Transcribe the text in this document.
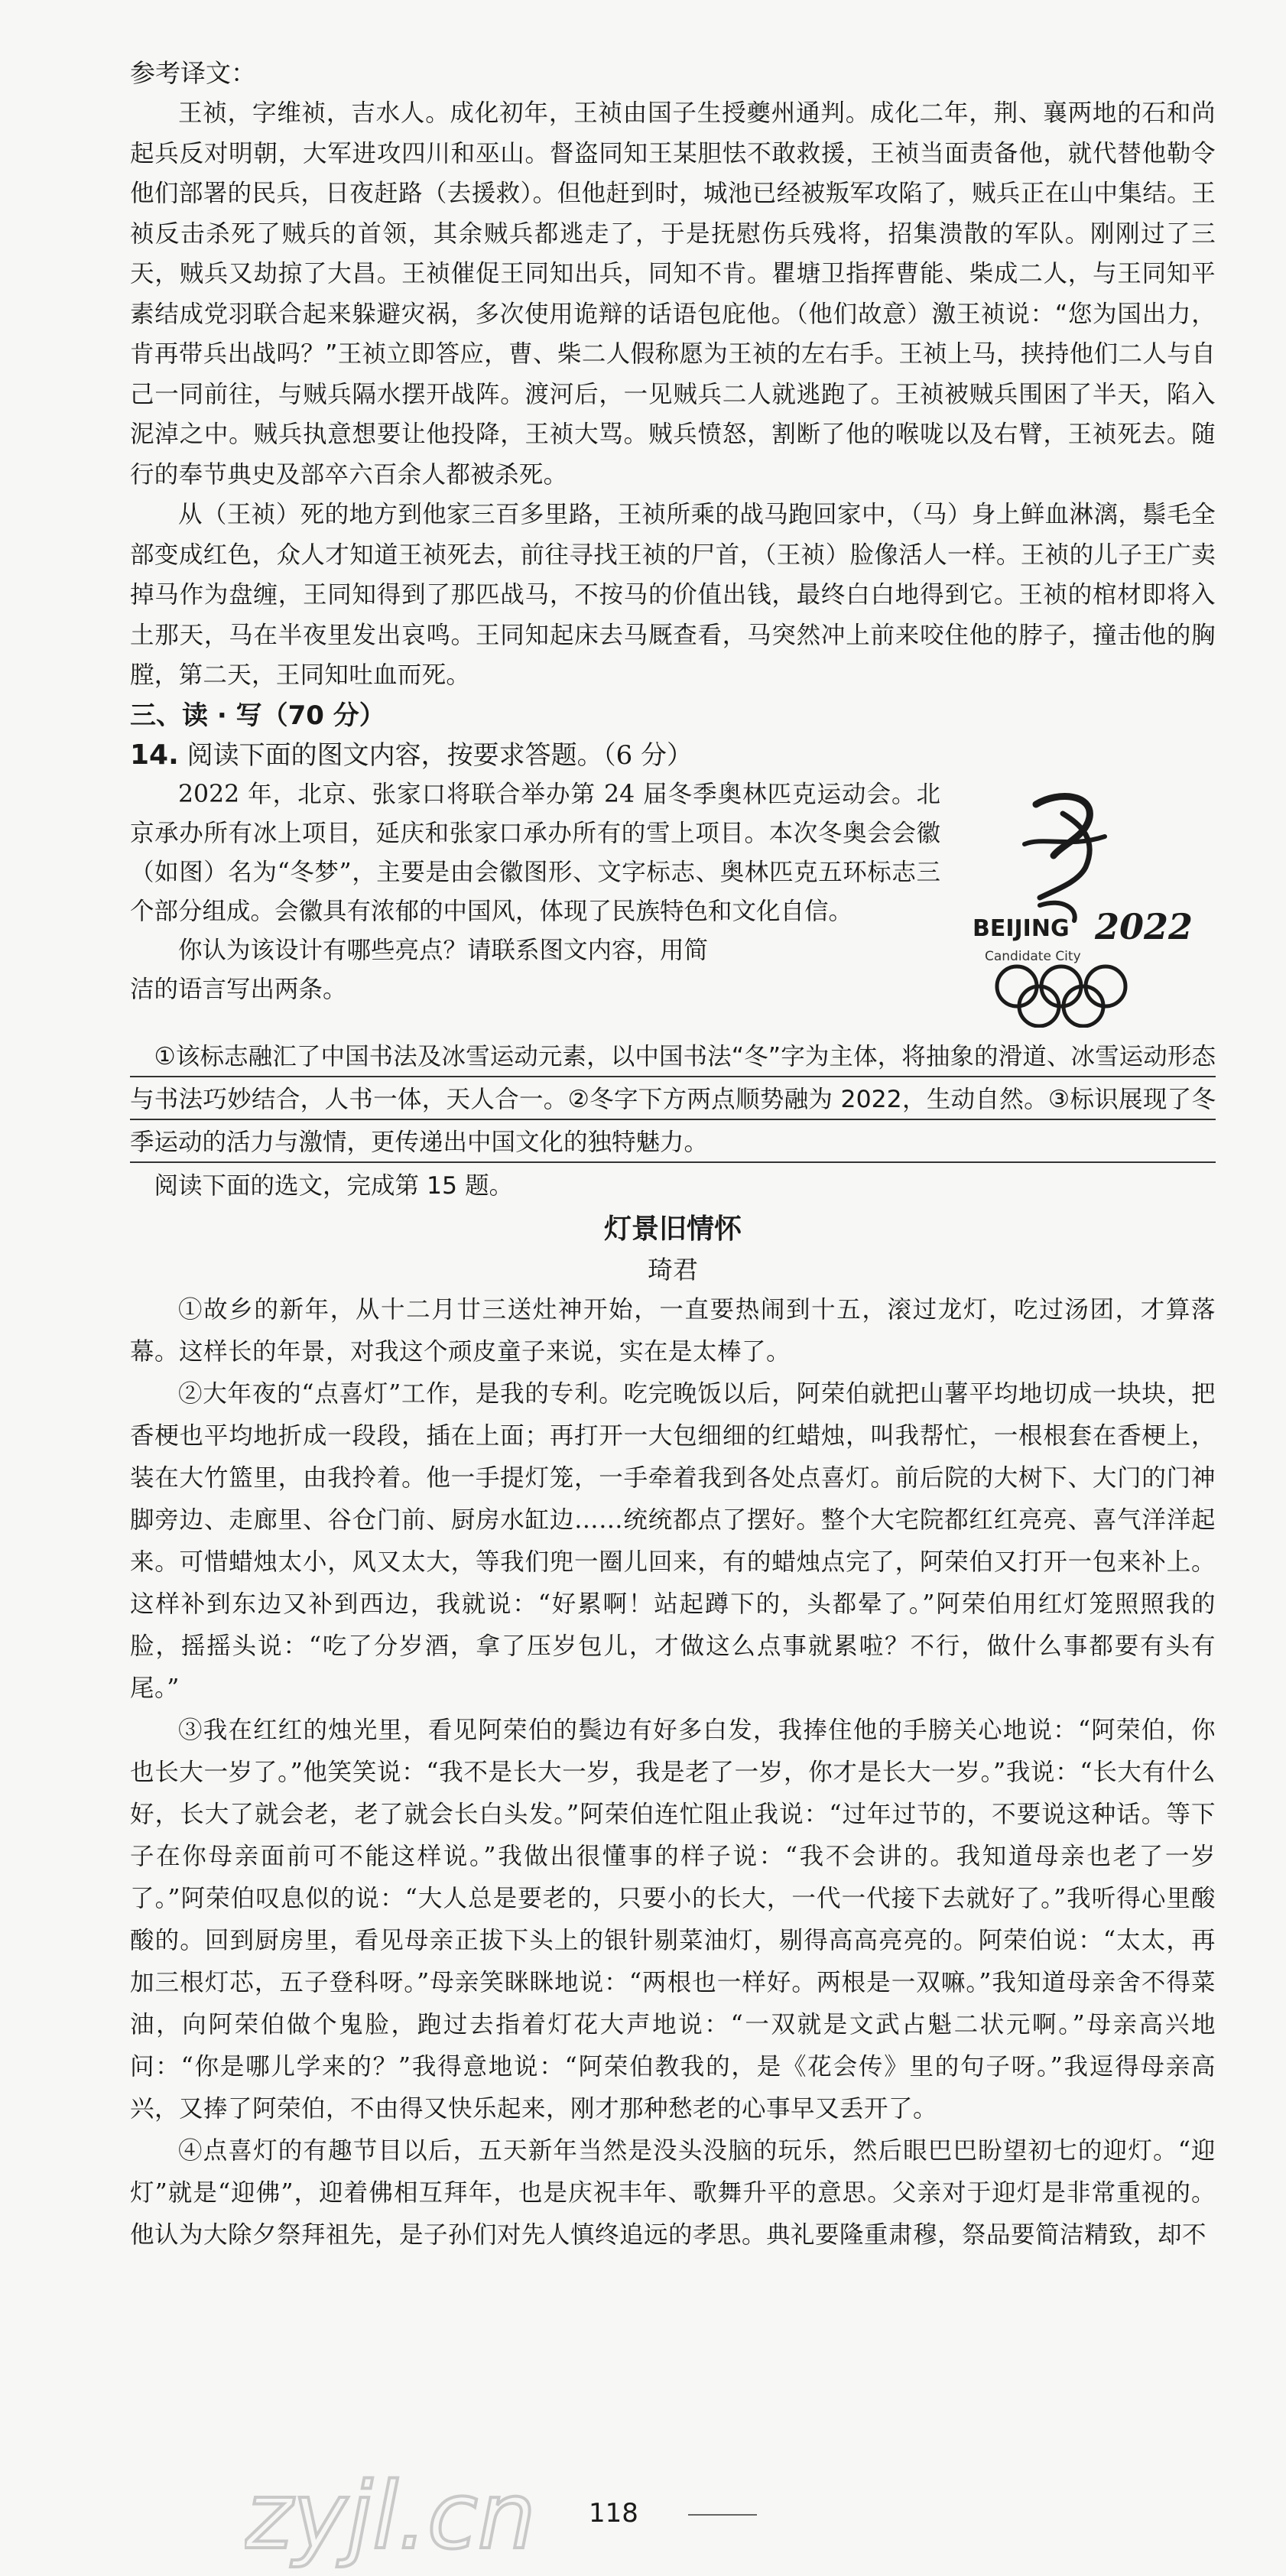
参考译文：

王祯，字维祯，吉水人。成化初年，王祯由国子生授夔州通判。成化二年，荆、襄两地的石和尚起兵反对明朝，大军进攻四川和巫山。督盗同知王某胆怯不敢救援，王祯当面责备他，就代替他勒令他们部署的民兵，日夜赶路（去援救）。但他赶到时，城池已经被叛军攻陷了，贼兵正在山中集结。王祯反击杀死了贼兵的首领，其余贼兵都逃走了，于是抚慰伤兵残将，招集溃散的军队。刚刚过了三天，贼兵又劫掠了大昌。王祯催促王同知出兵，同知不肯。瞿塘卫指挥曹能、柴成二人，与王同知平素结成党羽联合起来躲避灾祸，多次使用诡辩的话语包庇他。（他们故意）激王祯说：“您为国出力，肯再带兵出战吗？”王祯立即答应，曹、柴二人假称愿为王祯的左右手。王祯上马，挟持他们二人与自己一同前往，与贼兵隔水摆开战阵。渡河后，一见贼兵二人就逃跑了。王祯被贼兵围困了半天，陷入泥淖之中。贼兵执意想要让他投降，王祯大骂。贼兵愤怒，割断了他的喉咙以及右臂，王祯死去。随行的奉节典史及部卒六百余人都被杀死。

从（王祯）死的地方到他家三百多里路，王祯所乘的战马跑回家中，（马）身上鲜血淋漓，鬃毛全部变成红色，众人才知道王祯死去，前往寻找王祯的尸首，（王祯）脸像活人一样。王祯的儿子王广卖掉马作为盘缠，王同知得到了那匹战马，不按马的价值出钱，最终白白地得到它。王祯的棺材即将入土那天，马在半夜里发出哀鸣。王同知起床去马厩查看，马突然冲上前来咬住他的脖子，撞击他的胸膛，第二天，王同知吐血而死。

三、读 · 写（70 分）

14. 阅读下面的图文内容，按要求答题。（6 分）

2022 年，北京、张家口将联合举办第 24 届冬季奥林匹克运动会。北京承办所有冰上项目，延庆和张家口承办所有的雪上项目。本次冬奥会会徽（如图）名为“冬梦”，主要是由会徽图形、文字标志、奥林匹克五环标志三个部分组成。会徽具有浓郁的中国风，体现了民族特色和文化自信。

BEIJING 2022
Candidate City

你认为该设计有哪些亮点？请联系图文内容，用简

洁的语言写出两条。

①该标志融汇了中国书法及冰雪运动元素，以中国书法“冬”字为主体，将抽象的滑道、冰雪运动形态与书法巧妙结合，人书一体，天人合一。②冬字下方两点顺势融为 2022，生动自然。③标识展现了冬季运动的活力与激情，更传递出中国文化的独特魅力。

阅读下面的选文，完成第 15 题。

灯景旧情怀

琦君

①故乡的新年，从十二月廿三送灶神开始，一直要热闹到十五，滚过龙灯，吃过汤团，才算落幕。这样长的年景，对我这个顽皮童子来说，实在是太棒了。

②大年夜的“点喜灯”工作，是我的专利。吃完晚饭以后，阿荣伯就把山薯平均地切成一块块，把香梗也平均地折成一段段，插在上面；再打开一大包细细的红蜡烛，叫我帮忙，一根根套在香梗上，装在大竹篮里，由我拎着。他一手提灯笼，一手牵着我到各处点喜灯。前后院的大树下、大门的门神脚旁边、走廊里、谷仓门前、厨房水缸边……统统都点了摆好。整个大宅院都红红亮亮、喜气洋洋起来。可惜蜡烛太小，风又太大，等我们兜一圈儿回来，有的蜡烛点完了，阿荣伯又打开一包来补上。这样补到东边又补到西边，我就说：“好累啊！站起蹲下的，头都晕了。”阿荣伯用红灯笼照照我的脸，摇摇头说：“吃了分岁酒，拿了压岁包儿，才做这么点事就累啦？不行，做什么事都要有头有尾。”

③我在红红的烛光里，看见阿荣伯的鬓边有好多白发，我捧住他的手膀关心地说：“阿荣伯，你也长大一岁了。”他笑笑说：“我不是长大一岁，我是老了一岁，你才是长大一岁。”我说：“长大有什么好，长大了就会老，老了就会长白头发。”阿荣伯连忙阻止我说：“过年过节的，不要说这种话。等下子在你母亲面前可不能这样说。”我做出很懂事的样子说：“我不会讲的。我知道母亲也老了一岁了。”阿荣伯叹息似的说：“大人总是要老的，只要小的长大，一代一代接下去就好了。”我听得心里酸酸的。回到厨房里，看见母亲正拔下头上的银针剔菜油灯，剔得高高亮亮的。阿荣伯说：“太太，再加三根灯芯，五子登科呀。”母亲笑眯眯地说：“两根也一样好。两根是一双嘛。”我知道母亲舍不得菜油，向阿荣伯做个鬼脸，跑过去指着灯花大声地说：“一双就是文武占魁二状元啊。”母亲高兴地问：“你是哪儿学来的？”我得意地说：“阿荣伯教我的，是《花会传》里的句子呀。”我逗得母亲高兴，又捧了阿荣伯，不由得又快乐起来，刚才那种愁老的心事早又丢开了。

④点喜灯的有趣节目以后，五天新年当然是没头没脑的玩乐，然后眼巴巴盼望初七的迎灯。“迎灯”就是“迎佛”，迎着佛相互拜年，也是庆祝丰年、歌舞升平的意思。父亲对于迎灯是非常重视的。他认为大除夕祭拜祖先，是子孙们对先人慎终追远的孝思。典礼要隆重肃穆，祭品要简洁精致，却不

zyjl.cn 118
